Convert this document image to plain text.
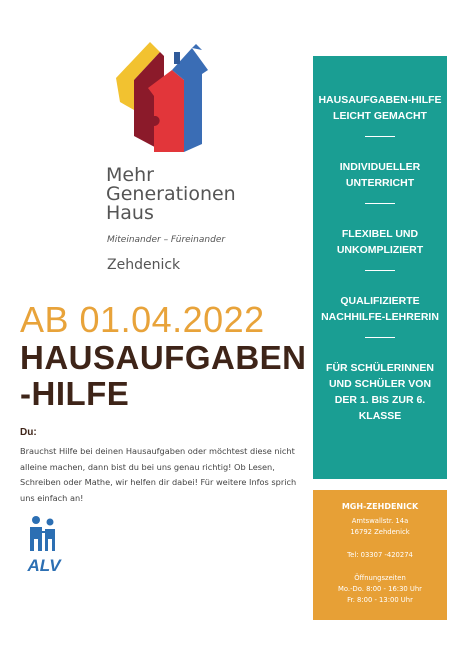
Mehr
Generationen
Haus
Miteinander – Füreinander
Zehdenick
AB 01.04.2022
HAUSAUFGABEN
-HILFE
Du:
Brauchst Hilfe bei deinen Hausaufgaben oder möchtest diese nicht alleine machen, dann bist du bei uns genau richtig! Ob Lesen, Schreiben oder Mathe, wir helfen dir dabei! Für weitere Infos sprich uns einfach an!
ALV
HAUSAUFGABEN-HILFE LEICHT GEMACHT
INDIVIDUELLER UNTERRICHT
FLEXIBEL UND UNKOMPLIZIERT
QUALIFIZIERTE NACHHILFE-LEHRERIN
FÜR SCHÜLERINNEN UND SCHÜLER VON DER 1. BIS ZUR 6. KLASSE
MGH-ZEHDENICK
Amtswallstr. 14a
16792 Zehdenick
Tel: 03307 -420274
Öffnungszeiten
Mo.-Do. 8:00 - 16:30 Uhr
Fr. 8:00 - 13:00 Uhr
